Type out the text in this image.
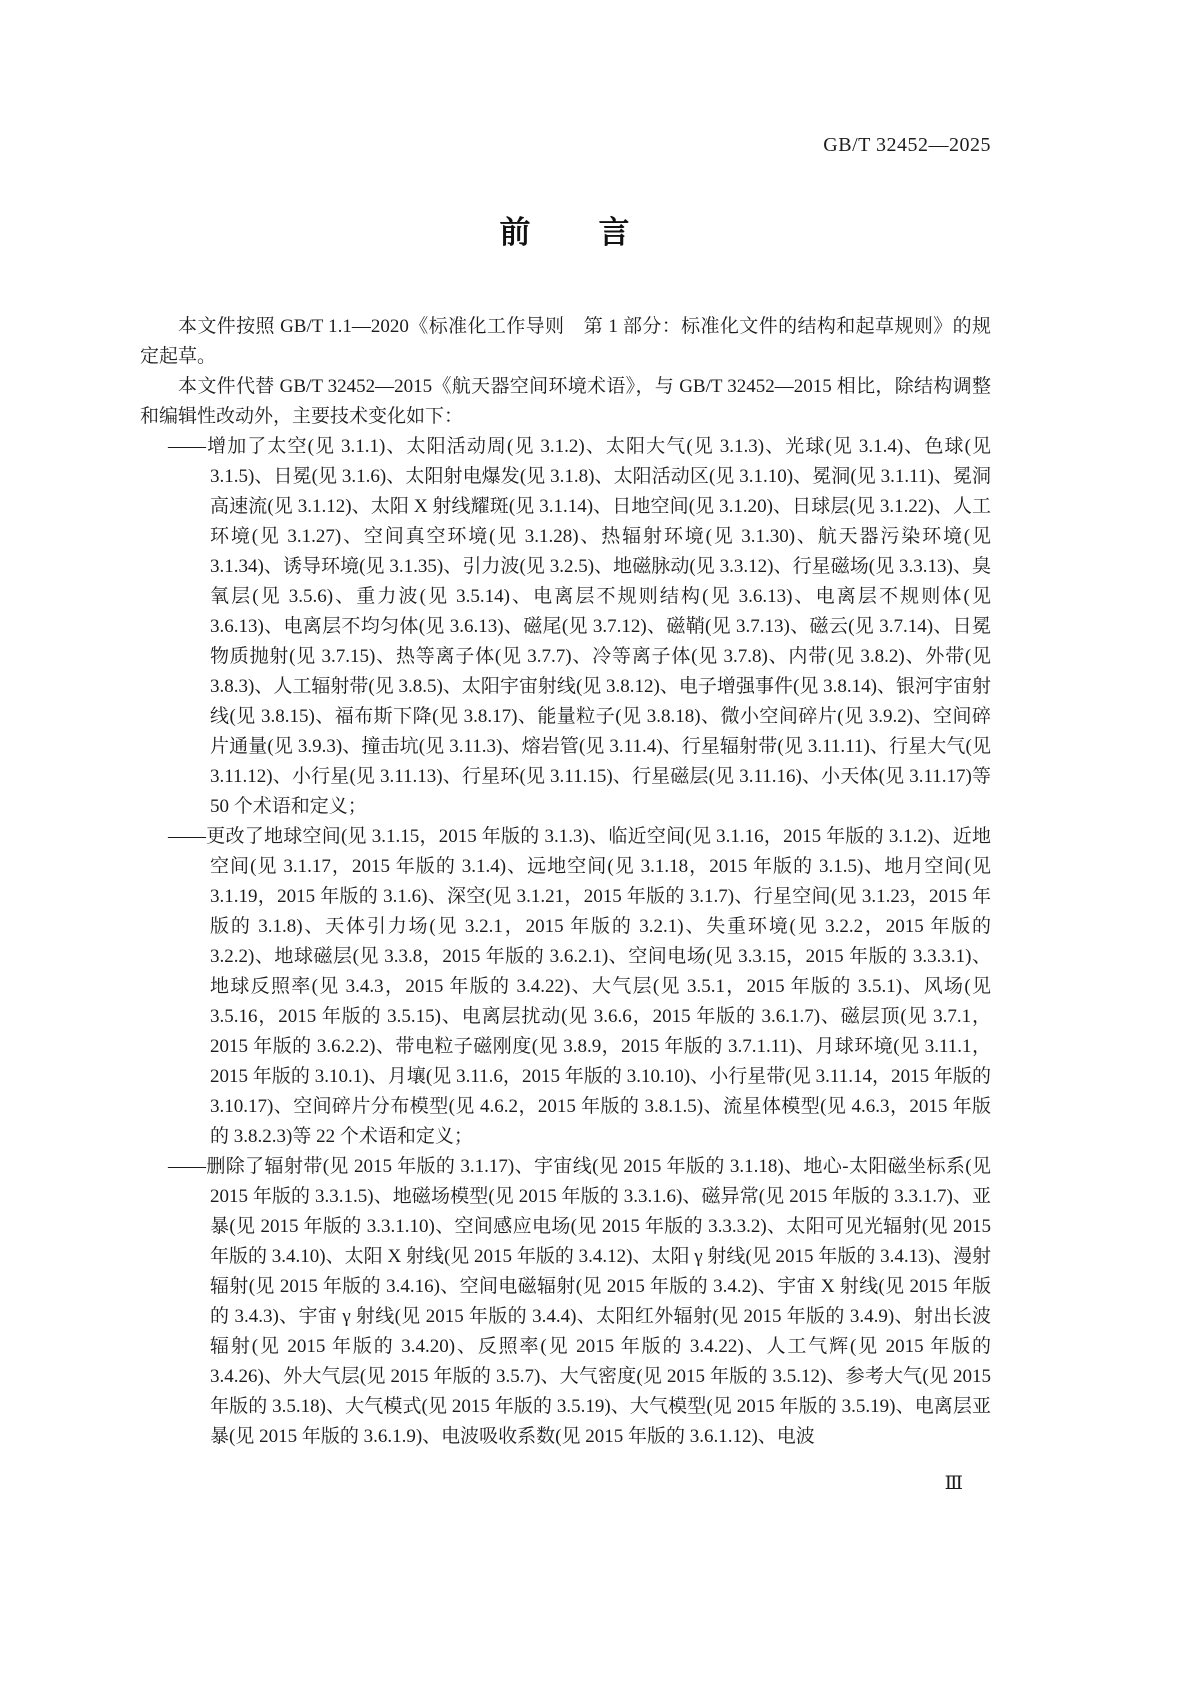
GB/T 32452—2025
前　　言

本文件按照 GB/T 1.1—2020《标准化工作导则　第 1 部分：标准化文件的结构和起草规则》的规定起草。

本文件代替 GB/T 32452—2015《航天器空间环境术语》，与 GB/T 32452—2015 相比，除结构调整和编辑性改动外，主要技术变化如下：

——增加了太空(见 3.1.1)、太阳活动周(见 3.1.2)、太阳大气(见 3.1.3)、光球(见 3.1.4)、色球(见 3.1.5)、日冕(见 3.1.6)、太阳射电爆发(见 3.1.8)、太阳活动区(见 3.1.10)、冕洞(见 3.1.11)、冕洞高速流(见 3.1.12)、太阳 X 射线耀斑(见 3.1.14)、日地空间(见 3.1.20)、日球层(见 3.1.22)、人工环境(见 3.1.27)、空间真空环境(见 3.1.28)、热辐射环境(见 3.1.30)、航天器污染环境(见 3.1.34)、诱导环境(见 3.1.35)、引力波(见 3.2.5)、地磁脉动(见 3.3.12)、行星磁场(见 3.3.13)、臭氧层(见 3.5.6)、重力波(见 3.5.14)、电离层不规则结构(见 3.6.13)、电离层不规则体(见 3.6.13)、电离层不均匀体(见 3.6.13)、磁尾(见 3.7.12)、磁鞘(见 3.7.13)、磁云(见 3.7.14)、日冕物质抛射(见 3.7.15)、热等离子体(见 3.7.7)、冷等离子体(见 3.7.8)、内带(见 3.8.2)、外带(见 3.8.3)、人工辐射带(见 3.8.5)、太阳宇宙射线(见 3.8.12)、电子增强事件(见 3.8.14)、银河宇宙射线(见 3.8.15)、福布斯下降(见 3.8.17)、能量粒子(见 3.8.18)、微小空间碎片(见 3.9.2)、空间碎片通量(见 3.9.3)、撞击坑(见 3.11.3)、熔岩管(见 3.11.4)、行星辐射带(见 3.11.11)、行星大气(见 3.11.12)、小行星(见 3.11.13)、行星环(见 3.11.15)、行星磁层(见 3.11.16)、小天体(见 3.11.17)等 50 个术语和定义；

——更改了地球空间(见 3.1.15，2015 年版的 3.1.3)、临近空间(见 3.1.16，2015 年版的 3.1.2)、近地空间(见 3.1.17，2015 年版的 3.1.4)、远地空间(见 3.1.18，2015 年版的 3.1.5)、地月空间(见 3.1.19，2015 年版的 3.1.6)、深空(见 3.1.21，2015 年版的 3.1.7)、行星空间(见 3.1.23，2015 年版的 3.1.8)、天体引力场(见 3.2.1，2015 年版的 3.2.1)、失重环境(见 3.2.2，2015 年版的 3.2.2)、地球磁层(见 3.3.8，2015 年版的 3.6.2.1)、空间电场(见 3.3.15，2015 年版的 3.3.3.1)、地球反照率(见 3.4.3，2015 年版的 3.4.22)、大气层(见 3.5.1，2015 年版的 3.5.1)、风场(见 3.5.16，2015 年版的 3.5.15)、电离层扰动(见 3.6.6，2015 年版的 3.6.1.7)、磁层顶(见 3.7.1，2015 年版的 3.6.2.2)、带电粒子磁刚度(见 3.8.9，2015 年版的 3.7.1.11)、月球环境(见 3.11.1，2015 年版的 3.10.1)、月壤(见 3.11.6，2015 年版的 3.10.10)、小行星带(见 3.11.14，2015 年版的 3.10.17)、空间碎片分布模型(见 4.6.2，2015 年版的 3.8.1.5)、流星体模型(见 4.6.3，2015 年版的 3.8.2.3)等 22 个术语和定义；

——删除了辐射带(见 2015 年版的 3.1.17)、宇宙线(见 2015 年版的 3.1.18)、地心-太阳磁坐标系(见 2015 年版的 3.3.1.5)、地磁场模型(见 2015 年版的 3.3.1.6)、磁异常(见 2015 年版的 3.3.1.7)、亚暴(见 2015 年版的 3.3.1.10)、空间感应电场(见 2015 年版的 3.3.3.2)、太阳可见光辐射(见 2015 年版的 3.4.10)、太阳 X 射线(见 2015 年版的 3.4.12)、太阳 γ 射线(见 2015 年版的 3.4.13)、漫射辐射(见 2015 年版的 3.4.16)、空间电磁辐射(见 2015 年版的 3.4.2)、宇宙 X 射线(见 2015 年版的 3.4.3)、宇宙 γ 射线(见 2015 年版的 3.4.4)、太阳红外辐射(见 2015 年版的 3.4.9)、射出长波辐射(见 2015 年版的 3.4.20)、反照率(见 2015 年版的 3.4.22)、人工气辉(见 2015 年版的 3.4.26)、外大气层(见 2015 年版的 3.5.7)、大气密度(见 2015 年版的 3.5.12)、参考大气(见 2015 年版的 3.5.18)、大气模式(见 2015 年版的 3.5.19)、大气模型(见 2015 年版的 3.5.19)、电离层亚暴(见 2015 年版的 3.6.1.9)、电波吸收系数(见 2015 年版的 3.6.1.12)、电波

Ⅲ
